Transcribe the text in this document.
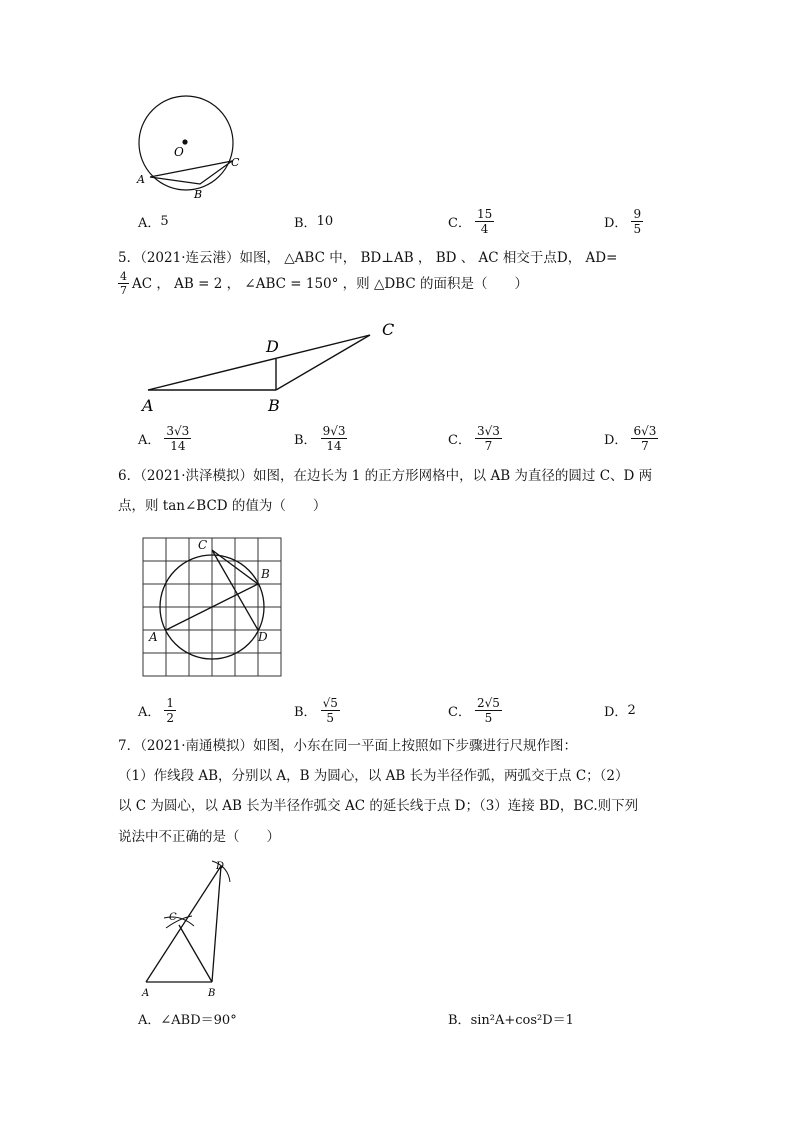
O
A
B
C
A． 5	B． 10	C． $\frac{15}{4}$	D． $\frac{9}{5}$
5．（2021·连云港）如图， △ABC 中， BD⊥AB ， BD 、 AC 相交于点D， AD=
$\frac{4}{7}$ AC ， AB = 2 ， ∠ABC = 150° ，则 △DBC 的面积是（　　）
A	B
C
D
A． $\frac{3√3}{14}$	B． $\frac{9√3}{14}$	C． $\frac{3√3}{7}$	D． $\frac{6√3}{7}$
6．（2021·洪泽模拟）如图，在边长为 1 的正方形网格中，以 AB 为直径的圆过 C、D 两
点，则 tan∠BCD 的值为（　　）
A
B
C
D
A． $\frac{1}{2}$	B． $\frac{√5}{5}$	C． $\frac{2√5}{5}$	D． 2
7．（2021·南通模拟）如图，小东在同一平面上按照如下步骤进行尺规作图：
（1）作线段 AB，分别以 A，B 为圆心，以 AB 长为半径作弧，两弧交于点 C；（2）
以 C 为圆心，以 AB 长为半径作弧交 AC 的延长线于点 D；（3）连接 BD，BC.则下列
说法中不正确的是（　　）
A	B
C
D
A． ∠ABD＝90°	B． sin²A+cos²D＝1
